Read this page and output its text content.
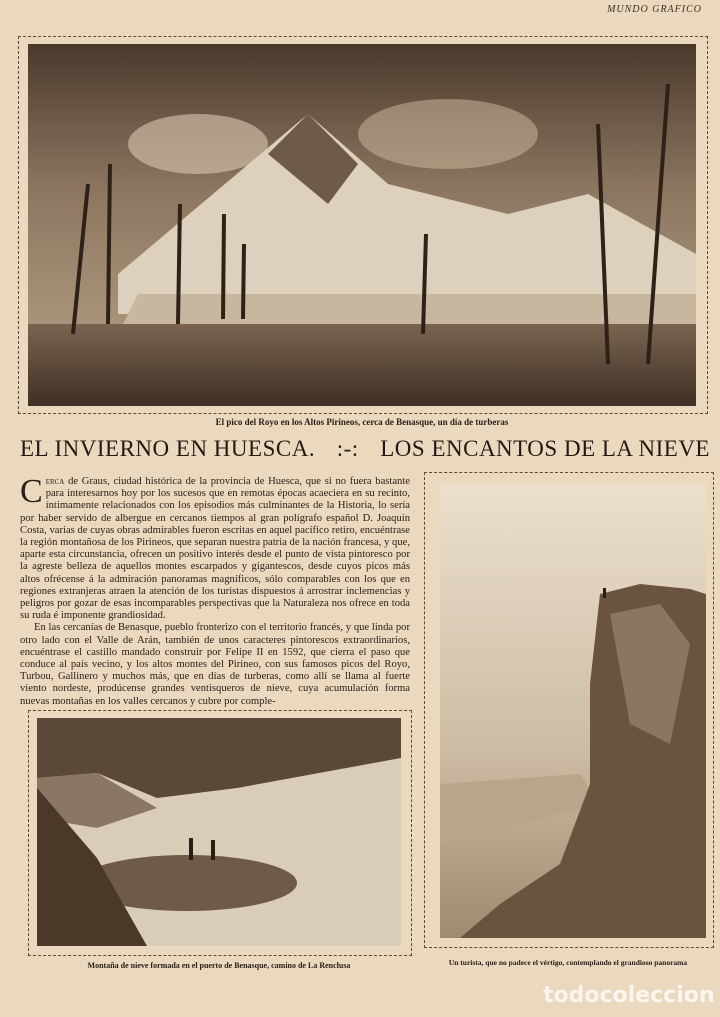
MUNDO GRAFICO
El pico del Royo en los Altos Pirineos, cerca de Benasque, un día de turberas
EL INVIERNO EN HUESCA. :-: LOS ENCANTOS DE LA NIEVE

Cerca de Graus, ciudad histórica de la provincia de Huesca, que si no fuera bastante para interesarnos hoy por los sucesos que en remotas épocas acaeciera en su recinto, íntimamente relacionados con los episodios más culminantes de la Historia, lo sería por haber servido de albergue en cercanos tiempos al gran polígrafo español D. Joaquín Costa, varias de cuyas obras admirables fueron escritas en aquel pacífico retiro, encuéntrase la región montañosa de los Pirineos, que separan nuestra patria de la nación francesa, y que, aparte esta circunstancia, ofrecen un positivo interés desde el punto de vista pintoresco por la agreste belleza de aquellos montes escarpados y gigantescos, desde cuyos picos más altos ofrécense á la admiración panoramas magníficos, sólo comparables con los que en regiones extranjeras atraen la atención de los turistas dispuestos á arrostrar inclemencias y peligros por gozar de esas incomparables perspectivas que la Naturaleza nos ofrece en toda su ruda é imponente grandiosidad.

En las cercanías de Benasque, pueblo fronterizo con el territorio francés, y que linda por otro lado con el Valle de Arán, también de unos caracteres pintorescos extraordinarios, encuéntrase el castillo mandado construir por Felipe II en 1592, que cierra el paso que conduce al país vecino, y los altos montes del Pirineo, con sus famosos picos del Royo, Turbou, Gallinero y muchos más, que en días de turberas, como allí se llama al fuerte viento nordeste, prodúcense grandes ventisqueros de nieve, cuya acumulación forma nuevas montañas en los valles cercanos y cubre por comple-

Montaña de nieve formada en el puerto de Benasque, camino de La Renclusa	Un turista, que no padece el vértigo, contemplando el grandioso panorama
todocoleccion
